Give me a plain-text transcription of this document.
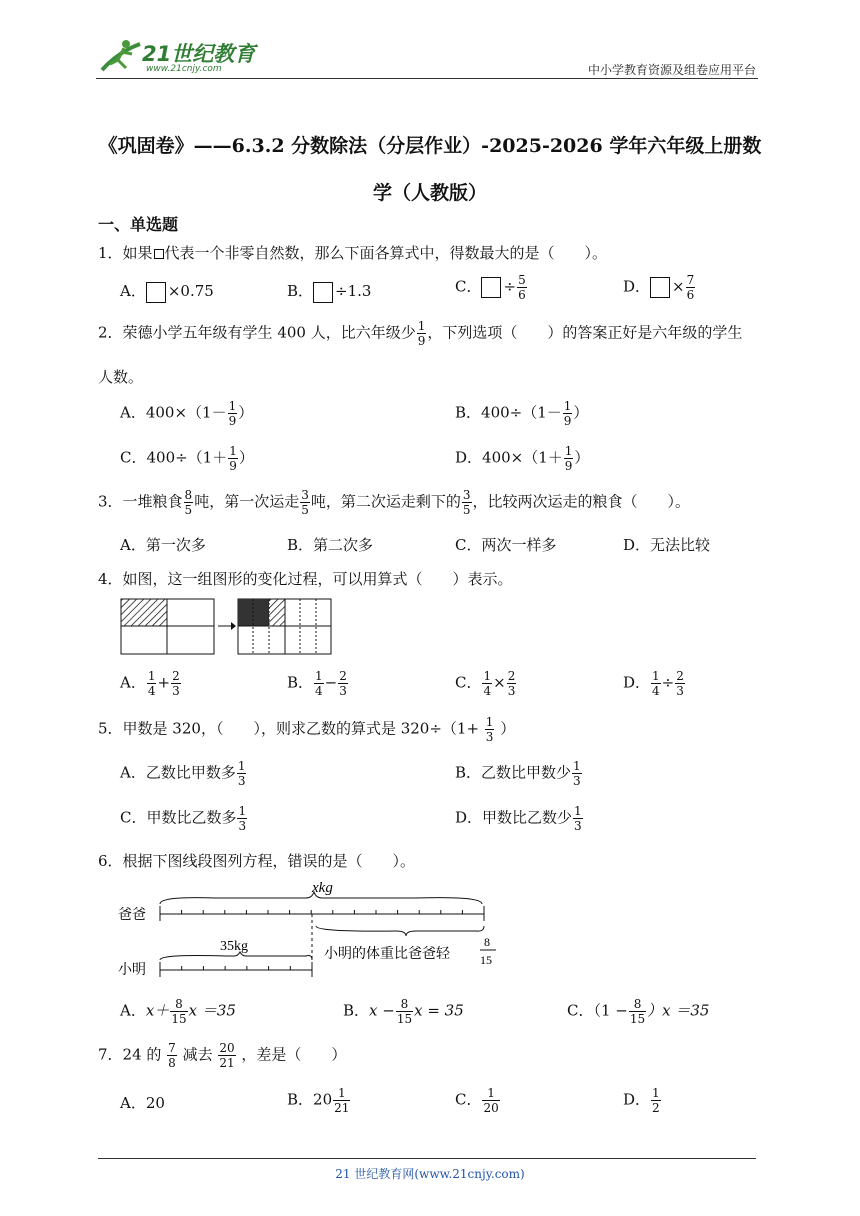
21世纪教育
www.21cnjy.com	中小学教育资源及组卷应用平台
《巩固卷》——6.3.2 分数除法（分层作业）-2025-2026 学年六年级上册数
学（人教版）
一、单选题
1．如果 代表一个非零自然数，那么下面各算式中，得数最大的是（　　）。
A． ×0.75	B． ÷1.3	C． ÷ $\frac{5}{6}$	D． × $\frac{7}{6}$
2．荣德小学五年级有学生 400 人，比六年级少 $\frac{1}{9}$ ，下列选项（　　）的答案正好是六年级的学生
人数。
A．$400\times(1- \frac{1}{9}$ ）	B．$400\div(1- \frac{1}{9}$ ）
C．$400\div(1+ \frac{1}{9}$ ）	D．$400\times(1+ \frac{1}{9}$ ）
3．一堆粮食 $\frac{8}{5}$ 吨，第一次运走 $\frac{3}{5}$ 吨，第二次运走剩下的 $\frac{3}{5}$ ，比较两次运走的粮食（　　）。
A．第一次多	B．第二次多	C．两次一样多	D．无法比较
4．如图，这一组图形的变化过程，可以用算式（　　）表示。
A． $\frac{1}{4} + \frac{2}{3}$	B． $\frac{1}{4} - \frac{2}{3}$	C． $\frac{1}{4} \times \frac{2}{3}$	D． $\frac{1}{4} \div \frac{2}{3}$
5．甲数是 320，（　　），则求乙数的算式是 $320\div(1+ \frac{1}{3}$ ）
A．乙数比甲数多 $\frac{1}{3}$	B．乙数比甲数少 $\frac{1}{3}$
C．甲数比乙数多 $\frac{1}{3}$	D．甲数比乙数少 $\frac{1}{3}$
6．根据下图线段图列方程，错误的是（　　）。
xkg
爸爸
小明的体重比爸爸轻
8
15
35kg
小明
A．$x+ \frac{8}{15}$ x ＝35	B．$x - \frac{8}{15}$ x = 35	C．$(1 - \frac{8}{15} )x =35$
7．24 的 $\frac{7}{8}$ 减去 $\frac{20}{21}$ ，差是（　　）
A．20	B．$20 \frac{1}{21}$	C． $\frac{1}{20}$	D． $\frac{1}{2}$
21 世纪教育网(www.21cnjy.com)
